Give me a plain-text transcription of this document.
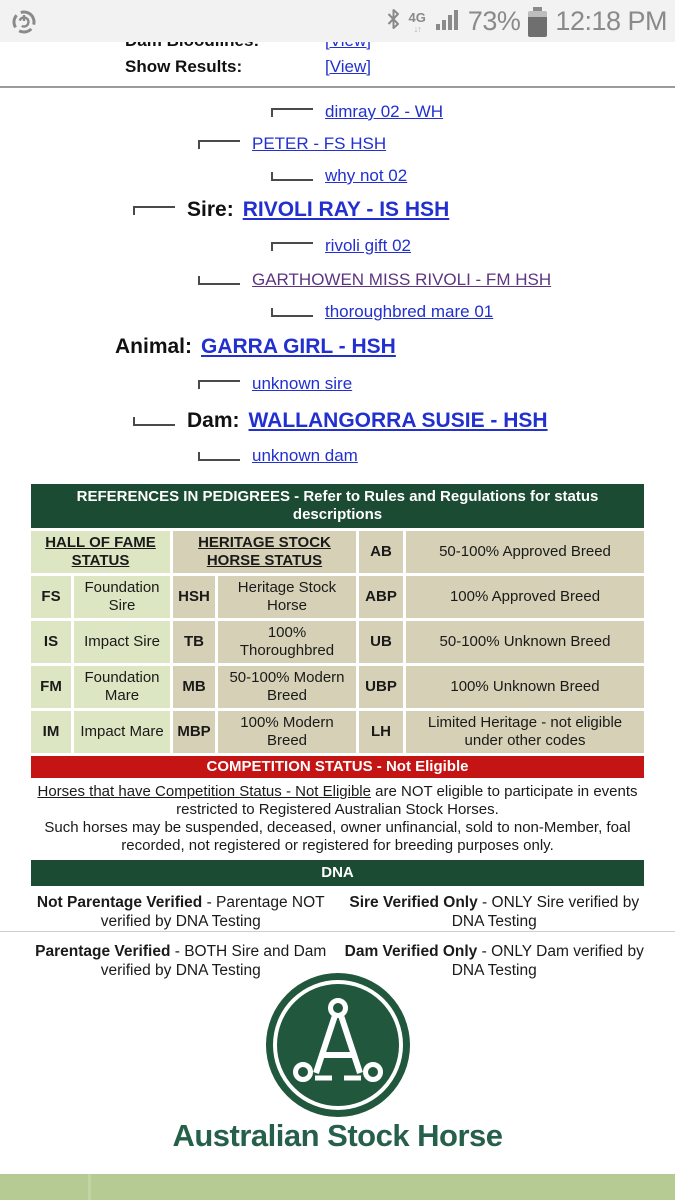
Show Results:	[View]
4G
↓↑ 73% 12:18 PM
dimray 02 - WH
PETER - FS HSH
why not 02
Sire: RIVOLI RAY - IS HSH
rivoli gift 02
GARTHOWEN MISS RIVOLI - FM HSH
thoroughbred mare 01
Animal: GARRA GIRL - HSH
unknown sire
Dam: WALLANGORRA SUSIE - HSH
unknown dam
REFERENCES IN PEDIGREES - Refer to Rules and Regulations for status descriptions					
HALL OF FAME STATUS		HERITAGE STOCK HORSE STATUS		AB	50-100% Approved Breed
FS	Foundation Sire	HSH	Heritage Stock Horse	ABP	100% Approved Breed
IS	Impact Sire	TB	100% Thoroughbred	UB	50-100% Unknown Breed
FM	Foundation Mare	MB	50-100% Modern Breed	UBP	100% Unknown Breed
IM	Impact Mare	MBP	100% Modern Breed	LH	Limited Heritage - not eligible under other codes
COMPETITION STATUS - Not Eligible					

Horses that have Competition Status - Not Eligible are NOT eligible to participate in events restricted to Registered Australian Stock Horses.
Such horses may be suspended, deceased, owner unfinancial, sold to non-Member, foal recorded, not registered or registered for breeding purposes only.					

DNA					

Not Parentage Verified - Parentage NOT verified by DNA Testing
Sire Verified Only - ONLY Sire verified by DNA Testing
Parentage Verified - BOTH Sire and Dam verified by DNA Testing
Dam Verified Only - ONLY Dam verified by DNA Testing					
Australian Stock Horse
